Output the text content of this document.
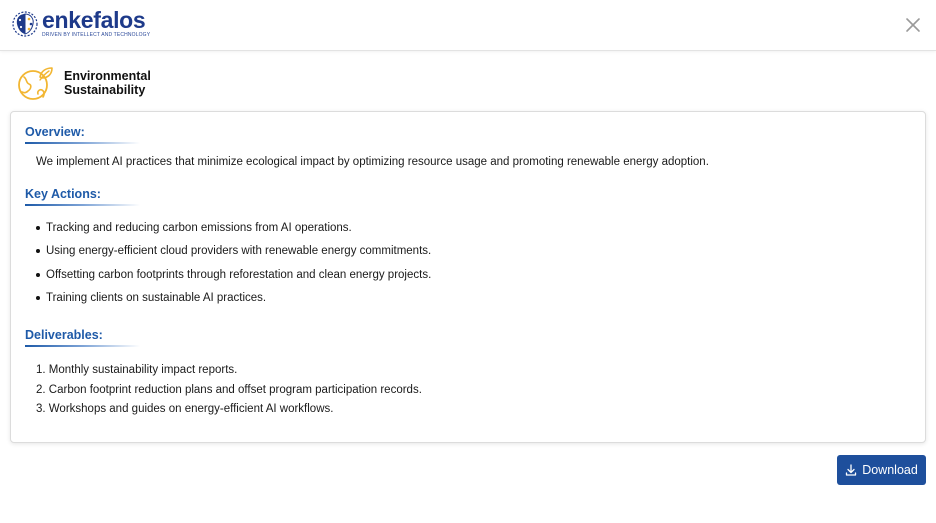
enkefalos
DRIVEN BY INTELLECT AND TECHNOLOGY
Environmental Sustainability
Overview:
We implement AI practices that minimize ecological impact by optimizing resource usage and promoting renewable energy adoption.
Key Actions:
Tracking and reducing carbon emissions from AI operations.
Using energy-efficient cloud providers with renewable energy commitments.
Offsetting carbon footprints through reforestation and clean energy projects.
Training clients on sustainable AI practices.
Deliverables:
1. Monthly sustainability impact reports.
2. Carbon footprint reduction plans and offset program participation records.
3. Workshops and guides on energy-efficient AI workflows.
Download
